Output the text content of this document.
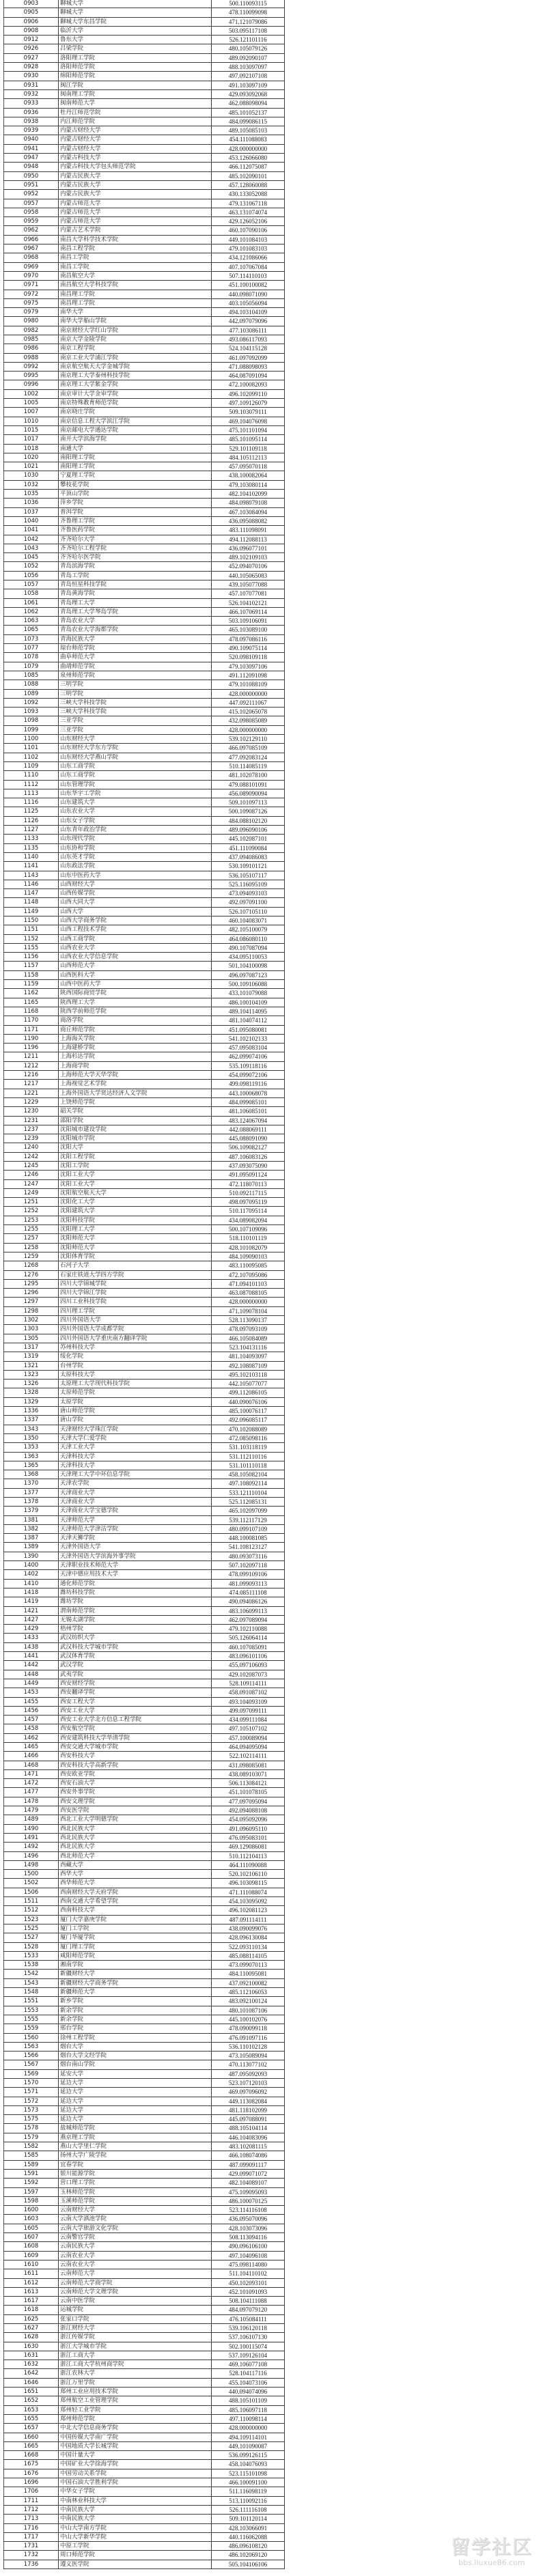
0903	聊城大学	500.110093115
0905	聊城大学	478.110099098
0906	聊城大学东昌学院	471.121079086
0908	临沂大学	503.095117108
0912	鲁东大学	526.121101116
0926	吕梁学院	480.105079126
0927	洛阳理工学院	489.092090107
0928	洛阳师范学院	488.103097097
0930	绵阳师范学院	497.092107108
0931	闽江学院	491.103097109
0932	闽南理工学院	429.093092068
0933	闽南师范大学	462.088098094
0936	牡丹江师范学院	485.101052137
0938	内江师范学院	484.099086115
0939	内蒙古财经大学	489.105085103
0940	内蒙古财经大学	454.111088083
0941	内蒙古财经大学	428.000000000
0947	内蒙古科技大学	453.126066080
0948	内蒙古科技大学包头师范学院	466.112075087
0950	内蒙古民族大学	485.102090101
0951	内蒙古民族大学	457.128060088
0952	内蒙古民族大学	430.133052088
0957	内蒙古师范大学	479.131067118
0958	内蒙古师范大学	463.131074074
0959	内蒙古师范大学	429.126052106
0962	内蒙古艺术学院	460.107090106
0966	南昌大学科学技术学院	449.101084103
0967	南昌工程学院	479.101083103
0968	南昌工学院	434.121086066
0969	南昌工学院	407.107067084
0970	南昌航空大学	507.114110103
0971	南昌航空大学科技学院	451.100100082
0972	南昌理工学院	440.098071090
0975	南昌理工学院	403.105056094
0979	南华大学	494.103104109
0980	南华大学船山学院	442.097079096
0982	南京财经大学红山学院	477.103086111
0985	南京大学金陵学院	493.086117093
0986	南京工程学院	524.104115128
0988	南京工业大学浦江学院	461.097092099
0992	南京航空航天大学金城学院	471.088098093
0995	南京理工大学泰州科技学院	464.087091094
0996	南京理工大学紫金学院	472.100082093
1002	南京审计大学金审学院	496.102099110
1005	南京特殊教育师范学院	497.109126079
1007	南京晓庄学院	509.103079111
1010	南京信息工程大学滨江学院	469.104076098
1015	南京邮电大学通达学院	475.101101094
1017	南开大学滨海学院	485.101095114
1018	南通大学	529.101109118
1020	南阳理工学院	484.105112113
1021	南阳理工学院	457.095070118
1030	宁夏理工学院	438.100082064
1032	攀枝花学院	479.103080114
1035	平顶山学院	482.104102099
1036	萍乡学院	484.098079108
1037	普洱学院	467.103084094
1040	齐鲁理工学院	436.095088082
1041	齐鲁医药学院	483.111098091
1042	齐齐哈尔大学	494.112088113
1043	齐齐哈尔工程学院	436.096077101
1045	齐齐哈尔医学院	489.102109103
1052	青岛滨海学院	452.094070106
1056	青岛工学院	440.105065083
1057	青岛恒星科技学院	439.105077088
1058	青岛黄海学院	457.107077081
1061	青岛理工大学	526.104102121
1062	青岛理工大学琴岛学院	466.107069114
1063	青岛农业大学	503.109106091
1065	青岛农业大学海都学院	465.103089100
1073	青海民族大学	478.097086116
1077	琼台师范学院	490.109075114
1078	曲阜师范大学	520.098109118
1079	曲靖师范学院	479.103097106
1085	泉州师范学院	491.112091098
1088	三明学院	479.101088109
1089	三明学院	428.000000000
1092	三峡大学科技学院	447.092111067
1093	三峡大学科技学院	415.102065078
1098	三亚学院	432.098085089
1099	三亚学院	428.000000000
1100	山东财经大学	539.102129110
1101	山东财经大学东方学院	466.097085109
1102	山东财经大学燕山学院	477.092083124
1109	山东工商学院	510.114085119
1110	山东工商学院	481.102078100
1112	山东管理学院	479.088101091
1113	山东华宇工学院	456.089090094
1116	山东建筑大学	509.101097113
1125	山东农业大学	500.109087126
1126	山东女子学院	484.088102120
1127	山东青年政治学院	489.096090106
1133	山东现代学院	445.102087101
1135	山东协和学院	451.111090084
1140	山东英才学院	437.094086083
1141	山东政法学院	530.109101121
1143	山东中医药大学	536.105107117
1146	山西财经大学	525.116095109
1147	山西传媒学院	473.094093103
1148	山西大同大学	492.097091100
1149	山西大学	526.107105110
1150	山西大学商务学院	460.104083071
1151	山西工程技术学院	482.105100079
1152	山西工商学院	464.086080110
1155	山西农业大学	490.107087094
1156	山西农业大学信息学院	434.095110053
1157	山西师范大学	501.104100098
1158	山西医科大学	496.097087123
1159	山西中医药大学	500.109106088
1162	陕西国际商贸学院	433.101079088
1165	陕西理工大学	486.100104109
1168	陕西学前师范学院	489.104114095
1170	商洛学院	481.104074112
1171	商丘师范学院	451.095080081
1190	上海海关学院	541.102102133
1196	上海建桥学院	457.095083104
1211	上海杉达学院	462.099074106
1212	上海商学院	535.109118116
1216	上海师范大学天华学院	454.099072106
1217	上海视觉艺术学院	499.098119116
1221	上海外国语大学贤达经济人文学院	443.100068078
1229	上饶师范学院	484.099085101
1230	韶关学院	481.106085101
1231	邵阳学院	483.124067094
1237	沈阳城市建设学院	442.088069111
1239	沈阳城市学院	445.088091090
1240	沈阳大学	506.109082127
1242	沈阳工程学院	487.106083126
1245	沈阳工学院	437.093075090
1246	沈阳工业大学	491.095091124
1247	沈阳工业大学	472.118070113
1249	沈阳航空航天大学	510.092117115
1251	沈阳化工大学	498.097095119
1252	沈阳建筑大学	510.117095114
1253	沈阳科技学院	434.089082094
1255	沈阳理工大学	500.107109096
1257	沈阳师范大学	518.110101119
1258	沈阳师范大学	428.101082079
1259	沈阳体育学院	484.109090103
1268	石河子大学	483.110095085
1276	石家庄铁道大学四方学院	472.107095086
1295	四川大学锦城学院	471.094101103
1296	四川大学锦江学院	463.087088105
1297	四川工业科技学院	428.000000000
1298	四川理工学院	471.109078104
1302	四川外国语大学	528.113090137
1303	四川外国语大学成都学院	478.097093109
1305	四川外国语大学重庆南方翻译学院	466.105084089
1317	苏州科技大学	523.104131116
1319	绥化学院	481.104093097
1321	台州学院	492.108087109
1323	太原科技大学	495.102103118
1326	太原理工大学现代科技学院	442.105077077
1328	太原师范学院	499.112086105
1329	太原学院	440.090076106
1336	唐山师范学院	485.100076117
1337	唐山学院	492.096085117
1343	天津财经大学珠江学院	470.102088089
1350	天津大学仁爱学院	472.085098116
1353	天津工业大学	531.103118119
1363	天津科技大学	531.112110116
1365	天津科技大学	531.101110118
1368	天津理工大学中环信息学院	458.105082104
1370	天津农学院	497.108092114
1377	天津商业大学	533.121110104
1378	天津商业大学	525.112085131
1379	天津商业大学宝德学院	465.102097099
1381	天津师范大学	539.112117129
1382	天津师范大学津沽学院	480.099107109
1387	天津天狮学院	448.100081085
1389	天津外国语大学	541.108123127
1390	天津外国语大学滨海外事学院	480.093073116
1400	天津职业技术师范大学	507.102097118
1402	天津中德应用技术大学	478.099109106
1410	通化师范学院	481.099093113
1418	潍坊科技学院	474.085111108
1419	潍坊学院	490.094086126
1421	渭南师范学院	483.106099113
1427	无锡太湖学院	462.097089094
1429	梧州学院	479.102110088
1433	武汉纺织大学	505.126064114
1438	武汉科技大学城市学院	460.107085091
1441	武汉体育学院	483.096101106
1442	武汉学院	455.097106093
1448	武夷学院	429.102087073
1449	西安财经学院	528.109114111
1453	西安翻译学院	458.091087102
1455	西安工程大学	493.104093109
1456	西安工业大学	499.097099111
1457	西安工业大学北方信息工程学院	434.099111084
1458	西安航空学院	497.105107102
1462	西安建筑科技大学华清学院	457.100089094
1465	西安交通大学城市学院	464.094095094
1466	西安科技大学	522.102114111
1468	西安科技大学高新学院	431.098085081
1471	西安欧亚学院	438.089103071
1472	西安石油大学	506.113084121
1477	西安外事学院	451.101078105
1478	西安文理学院	477.097095094
1479	西安医学院	492.094088108
1489	西北工业大学明德学院	454.095092096
1490	西北民族大学	491.096095110
1491	西北民族大学	476.095083101
1492	西北民族大学	469.129086081
1496	西北师范大学	510.112104113
1498	西藏大学	464.111090088
1500	西华大学	520.102106110
1502	西华师范大学	496.103098115
1506	西南财经大学天府学院	471.111088074
1511	西南交通大学希望学院	454.103095092
1512	西南科技大学	496.102081123
1523	厦门大学嘉庚学院	487.091114111
1525	厦门工学院	438.090099076
1527	厦门华厦学院	428.096130084
1528	厦门理工学院	522.093110134
1533	咸阳师范学院	485.088114105
1538	湘南学院	473.099070113
1542	新疆财经大学	484.110095081
1543	新疆财经大学商务学院	437.092100082
1548	新疆师范大学	485.112106053
1551	新乡学院	483.092100124
1553	新余学院	480.101087106
1555	新余学院	445.100102076
1559	邢台学院	478.090099118
1560	徐州工程学院	476.091097116
1563	烟台大学	536.110102128
1566	烟台大学文经学院	473.105089094
1567	烟台南山学院	470.113077102
1569	延安大学	487.095092093
1570	延边大学	523.107120103
1571	延边大学	469.097096092
1572	延边大学	449.113082084
1573	延边大学	481.118102099
1575	延边大学	445.097088091
1578	盐城师范学院	488.105104114
1579	燕京理工学院	446.104083096
1582	燕山大学里仁学院	483.102081115
1585	扬州大学广陵学院	466.108074086
1589	宜春学院	487.099091117
1591	银川能源学院	429.099071072
1592	营口理工学院	482.104089107
1597	玉林师范学院	475.109095093
1598	玉溪师范学院	486.100070125
1600	云南财经大学	523.114116108
1603	云南大学滇池学院	436.095070096
1605	云南大学旅游文化学院	428.103073096
1607	云南警官学院	508.113094116
1608	云南民族大学	490.096106100
1609	云南农业大学	497.104096108
1610	云南农业大学	475.098114080
1611	云南师范大学	511.104110102
1612	云南师范大学商学院	450.102093101
1613	云南师范大学文理学院	452.101091093
1617	云南中医学院	508.104111088
1618	运城学院	484.097079120
1625	张家口学院	476.105084111
1627	浙江财经大学	539.106120118
1628	浙江传媒学院	537.106107130
1630	浙江大学城市学院	502.100115074
1631	浙江工商大学	537.109126104
1632	浙江工商大学杭州商学院	469.106077108
1642	浙江农林大学	528.104117116
1646	浙江万里学院	455.104073106
1651	郑州工业应用技术学院	440.094074096
1652	郑州航空工业管理学院	488.105101109
1653	郑州轻工业学院	485.106097118
1655	郑州师范学院	497.110098114
1657	中北大学信息商务学院	428.000000000
1660	中国传媒大学南广学院	494.109114101
1665	中国地质大学长城学院	449.101090087
1668	中国计量大学	536.099126115
1675	中国矿业大学徐海学院	458.104076093
1676	中国劳动关系学院	523.115101098
1696	中国石油大学胜利学院	466.100091100
1706	中华女子学院	511.116098119
1711	中南林业科技大学	513.110092116
1712	中南民族大学	526.111116108
1713	中南民族大学	509.101120114
1716	中山大学南方学院	428.103066091
1717	中山大学新华学院	440.116062088
1731	中原工学院	486.096108120
1732	周口师范学院	486.102069120
1736	遵义医学院	505.104106106
留学社区
bbs.liuxue86.com
